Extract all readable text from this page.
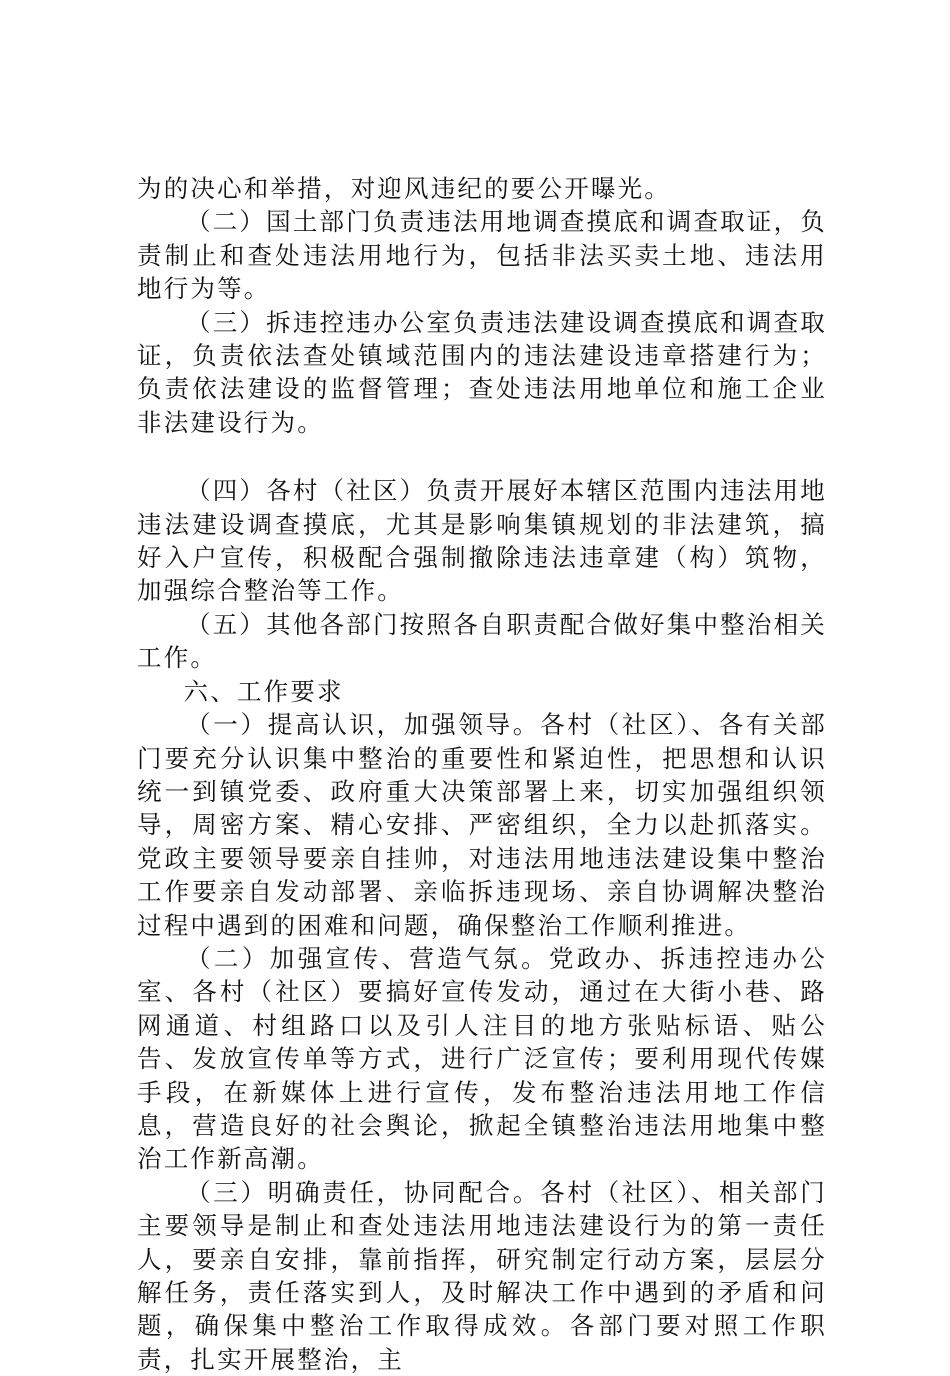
为的决心和举措，对迎风违纪的要公开曝光。

（二）国土部门负责违法用地调查摸底和调查取证，负责制止和查处违法用地行为，包括非法买卖土地、违法用地行为等。

（三）拆违控违办公室负责违法建设调查摸底和调查取证，负责依法查处镇域范围内的违法建设违章搭建行为；负责依法建设的监督管理；查处违法用地单位和施工企业非法建设行为。

（四）各村（社区）负责开展好本辖区范围内违法用地违法建设调查摸底，尤其是影响集镇规划的非法建筑，搞好入户宣传，积极配合强制撤除违法违章建（构）筑物，加强综合整治等工作。

（五）其他各部门按照各自职责配合做好集中整治相关工作。

六、工作要求

（一）提高认识，加强领导。各村（社区）、各有关部门要充分认识集中整治的重要性和紧迫性，把思想和认识统一到镇党委、政府重大决策部署上来，切实加强组织领导，周密方案、精心安排、严密组织，全力以赴抓落实。党政主要领导要亲自挂帅，对违法用地违法建设集中整治工作要亲自发动部署、亲临拆违现场、亲自协调解决整治过程中遇到的困难和问题，确保整治工作顺利推进。

（二）加强宣传、营造气氛。党政办、拆违控违办公室、各村（社区）要搞好宣传发动，通过在大街小巷、路网通道、村组路口以及引人注目的地方张贴标语、贴公告、发放宣传单等方式，进行广泛宣传；要利用现代传媒手段，在新媒体上进行宣传，发布整治违法用地工作信息，营造良好的社会舆论，掀起全镇整治违法用地集中整治工作新高潮。

（三）明确责任，协同配合。各村（社区）、相关部门主要领导是制止和查处违法用地违法建设行为的第一责任人，要亲自安排，靠前指挥，研究制定行动方案，层层分解任务，责任落实到人，及时解决工作中遇到的矛盾和问题，确保集中整治工作取得成效。各部门要对照工作职责，扎实开展整治，主
